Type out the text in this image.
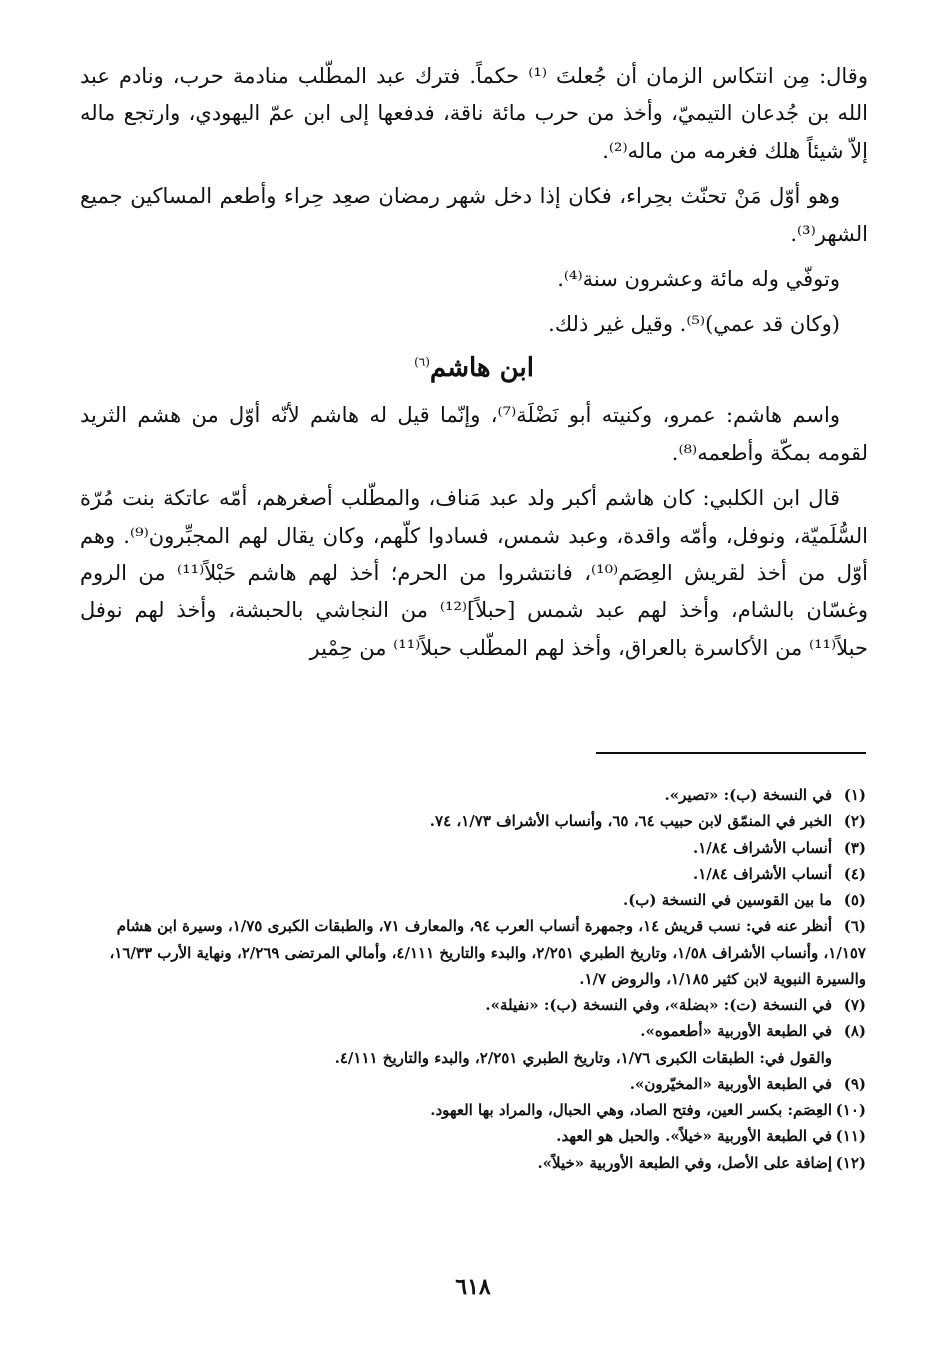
وقال: مِن انتكاس الزمان أن جُعلتَ ⁽¹⁾ حكماً. فترك عبد المطّلب منادمة حرب، ونادم عبد الله بن جُدعان التيميّ، وأخذ من حرب مائة ناقة، فدفعها إلى ابن عمّ اليهودي، وارتجع ماله إلاّ شيئاً هلك فغرمه من ماله⁽²⁾.

وهو أوّل مَنْ تحنّث بحِراء، فكان إذا دخل شهر رمضان صعِد حِراء وأطعم المساكين جميع الشهر⁽³⁾.

وتوفّي وله مائة وعشرون سنة⁽⁴⁾.

(وكان قد عمي)⁽⁵⁾. وقيل غير ذلك.

ابن هاشم$^{(٦)}$

واسم هاشم: عمرو، وكنيته أبو نَضْلَة⁽⁷⁾، وإنّما قيل له هاشم لأنّه أوّل من هشم الثريد لقومه بمكّة وأطعمه⁽⁸⁾.

قال ابن الكلبي: كان هاشم أكبر ولد عبد مَناف، والمطّلب أصغرهم، أمّه عاتكة بنت مُرّة السُّلَميّة، ونوفل، وأمّه واقدة، وعبد شمس، فسادوا كلّهم، وكان يقال لهم المجبِّرون⁽⁹⁾. وهم أوّل من أخذ لقريش العِصَم⁽¹⁰⁾، فانتشروا من الحرم؛ أخذ لهم هاشم حَبْلاً⁽¹¹⁾ من الروم وغسّان بالشام، وأخذ لهم عبد شمس [حبلاً]⁽¹²⁾ من النجاشي بالحبشة، وأخذ لهم نوفل حبلاً⁽¹¹⁾ من الأكاسرة بالعراق، وأخذ لهم المطّلب حبلاً⁽¹¹⁾ من حِمْير

(١)في النسخة (ب): «تصير».

(٢)الخبر في المنمّق لابن حبيب ٦٤، ٦٥، وأنساب الأشراف ١/٧٣، ٧٤.

(٣)أنساب الأشراف ١/٨٤.

(٤)أنساب الأشراف ١/٨٤.

(٥)ما بين القوسين في النسخة (ب).

(٦)أنظر عنه في: نسب قريش ١٤، وجمهرة أنساب العرب ٩٤، والمعارف ٧١، والطبقات الكبرى ١/٧٥، وسيرة ابن هشام ١/١٥٧، وأنساب الأشراف ١/٥٨، وتاريخ الطبري ٢/٢٥١، والبدء والتاريخ ٤/١١١، وأمالي المرتضى ٢/٢٦٩، ونهاية الأرب ١٦/٣٣، والسيرة النبوية لابن كثير ١/١٨٥، والروض ١/٧.

(٧)في النسخة (ت): «بضلة»، وفي النسخة (ب): «نفيلة».

(٨)في الطبعة الأوربية «أطعموه».

والقول في: الطبقات الكبرى ١/٧٦، وتاريخ الطبري ٢/٢٥١، والبدء والتاريخ ٤/١١١.

(٩)في الطبعة الأوربية «المخيّرون».

(١٠)العِصَم: بكسر العين، وفتح الصاد، وهي الحبال، والمراد بها العهود.

(١١)في الطبعة الأوربية «خيلاً». والحبل هو العهد.

(١٢)إضافة على الأصل، وفي الطبعة الأوربية «خيلاً».

٦١٨
